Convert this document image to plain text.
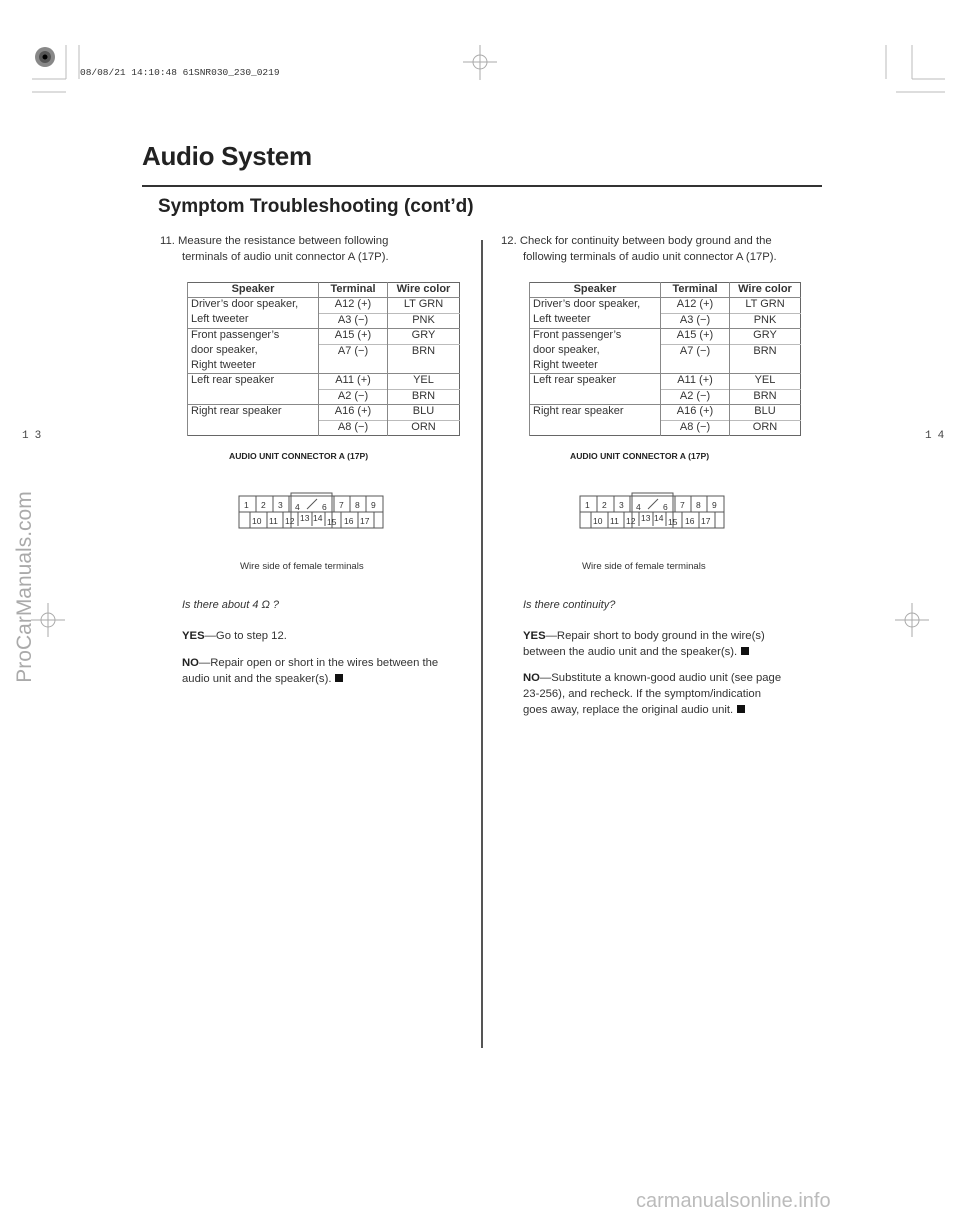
08/08/21 14:10:48 61SNR030_230_0219
Audio System
Symptom Troubleshooting (cont’d)
13	14

11. Measure the resistance between following

terminals of audio unit connector A (17P).

Speaker	Terminal	Wire color
Driver’s door speaker,	A12 (+)	LT GRN
Left tweeter	A3 (−)	PNK
Front passenger’s	A15 (+)	GRY
door speaker,	A7 (−)	BRN
Right tweeter		
Left rear speaker	A11 (+)	YEL
	A2 (−)	BRN
Right rear speaker	A16 (+)	BLU
	A8 (−)	ORN
AUDIO UNIT CONNECTOR A (17P)
1 2 3 4	6 7 8 9
10 11 12 13 14 15 16 17
Wire side of female terminals
Is there about 4 Ω ?
YES—Go to step 12.
NO—Repair open or short in the wires between the
audio unit and the speaker(s).

12. Check for continuity between body ground and the

following terminals of audio unit connector A (17P).

Speaker	Terminal	Wire color
Driver’s door speaker,	A12 (+)	LT GRN
Left tweeter	A3 (−)	PNK
Front passenger’s	A15 (+)	GRY
door speaker,	A7 (−)	BRN
Right tweeter		
Left rear speaker	A11 (+)	YEL
	A2 (−)	BRN
Right rear speaker	A16 (+)	BLU
	A8 (−)	ORN
AUDIO UNIT CONNECTOR A (17P)
1 2 3 4	6 7 8 9
10 11 12 13 14 15 16 17
Wire side of female terminals
Is there continuity?
YES—Repair short to body ground in the wire(s)
between the audio unit and the speaker(s).
NO—Substitute a known-good audio unit (see page
23-256), and recheck. If the symptom/indication
goes away, replace the original audio unit.
ProCarManuals.com
carmanualsonline.info
